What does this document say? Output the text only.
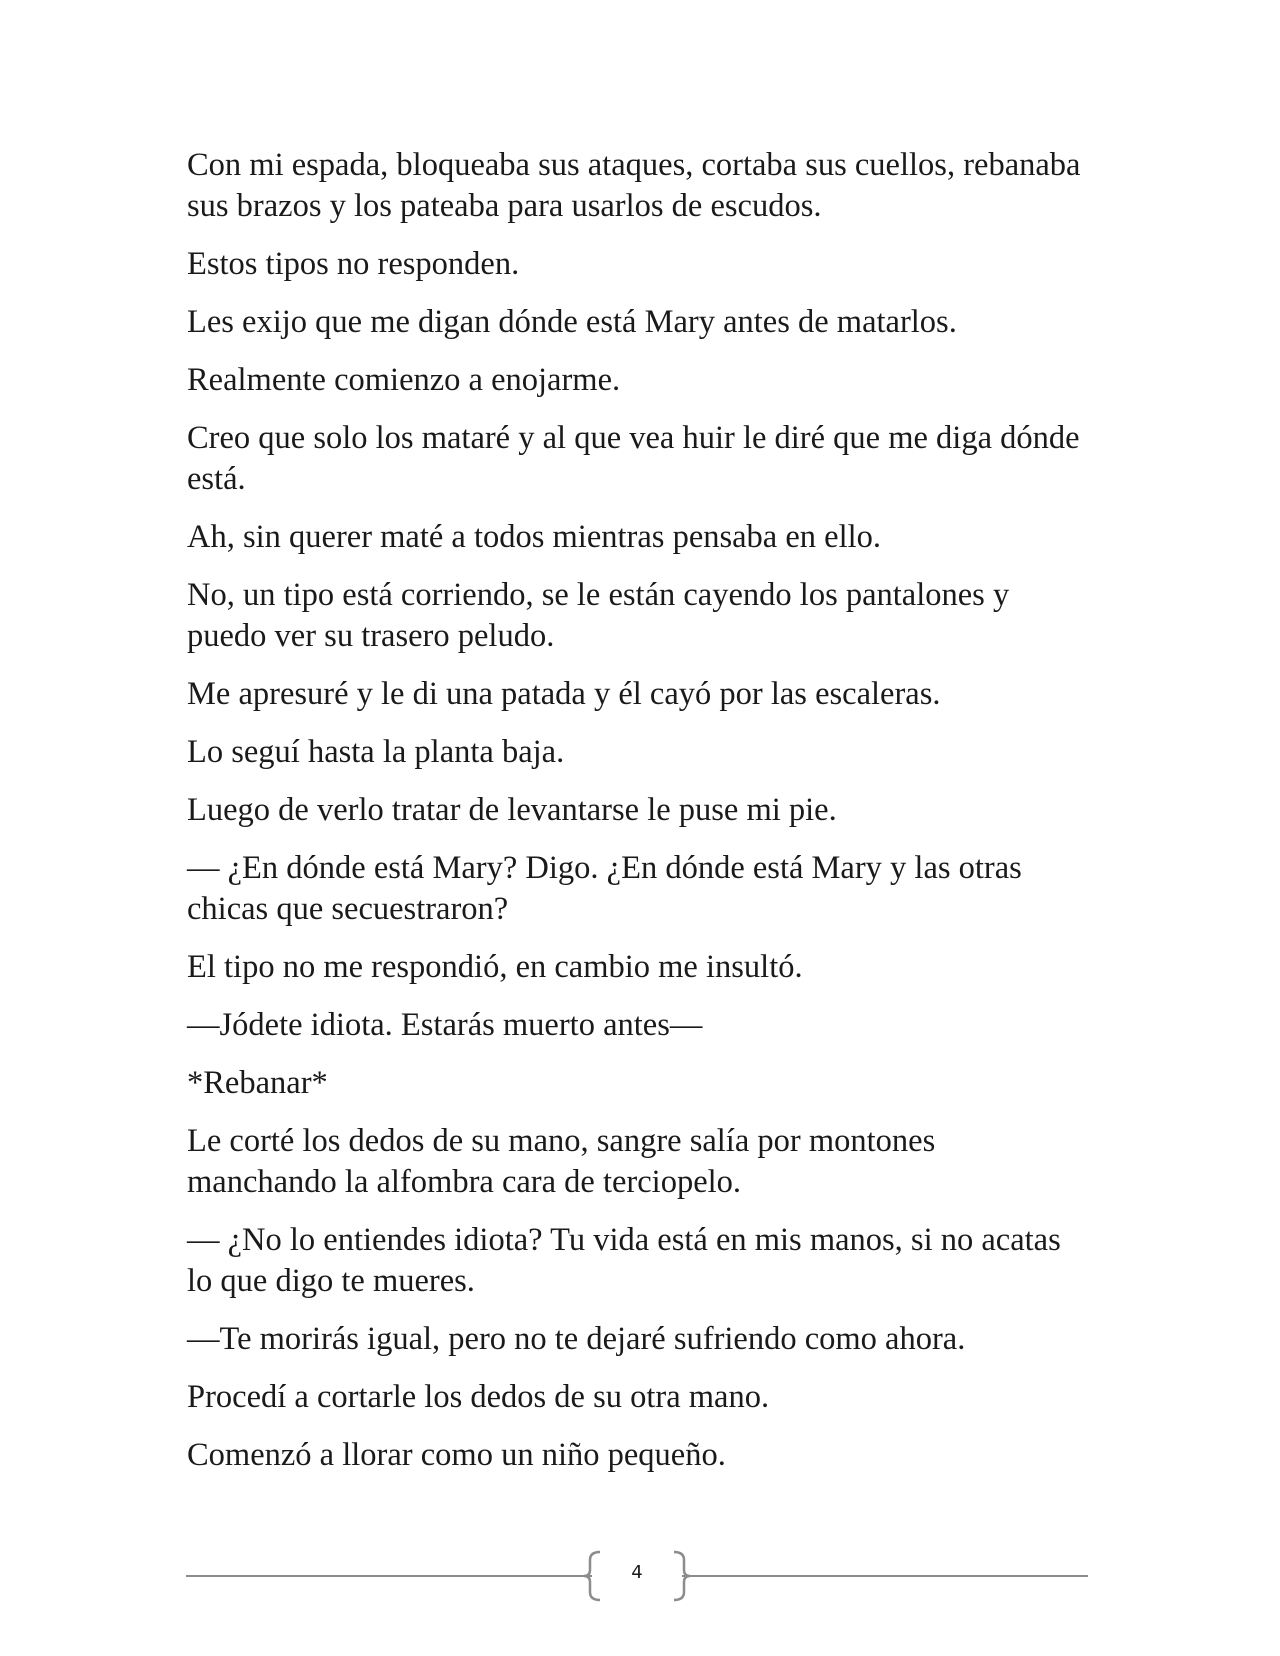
Con mi espada, bloqueaba sus ataques, cortaba sus cuellos, rebanaba sus brazos y los pateaba para usarlos de escudos.

Estos tipos no responden.

Les exijo que me digan dónde está Mary antes de matarlos.

Realmente comienzo a enojarme.

Creo que solo los mataré y al que vea huir le diré que me diga dónde está.

Ah, sin querer maté a todos mientras pensaba en ello.

No, un tipo está corriendo, se le están cayendo los pantalones y puedo ver su trasero peludo.

Me apresuré y le di una patada y él cayó por las escaleras.

Lo seguí hasta la planta baja.

Luego de verlo tratar de levantarse le puse mi pie.

— ¿En dónde está Mary? Digo. ¿En dónde está Mary y las otras chicas que secuestraron?

El tipo no me respondió, en cambio me insultó.

—Jódete idiota. Estarás muerto antes—

*Rebanar*

Le corté los dedos de su mano, sangre salía por montones manchando la alfombra cara de terciopelo.

— ¿No lo entiendes idiota? Tu vida está en mis manos, si no acatas lo que digo te mueres.

—Te morirás igual, pero no te dejaré sufriendo como ahora.

Procedí a cortarle los dedos de su otra mano.

Comenzó a llorar como un niño pequeño.

4
